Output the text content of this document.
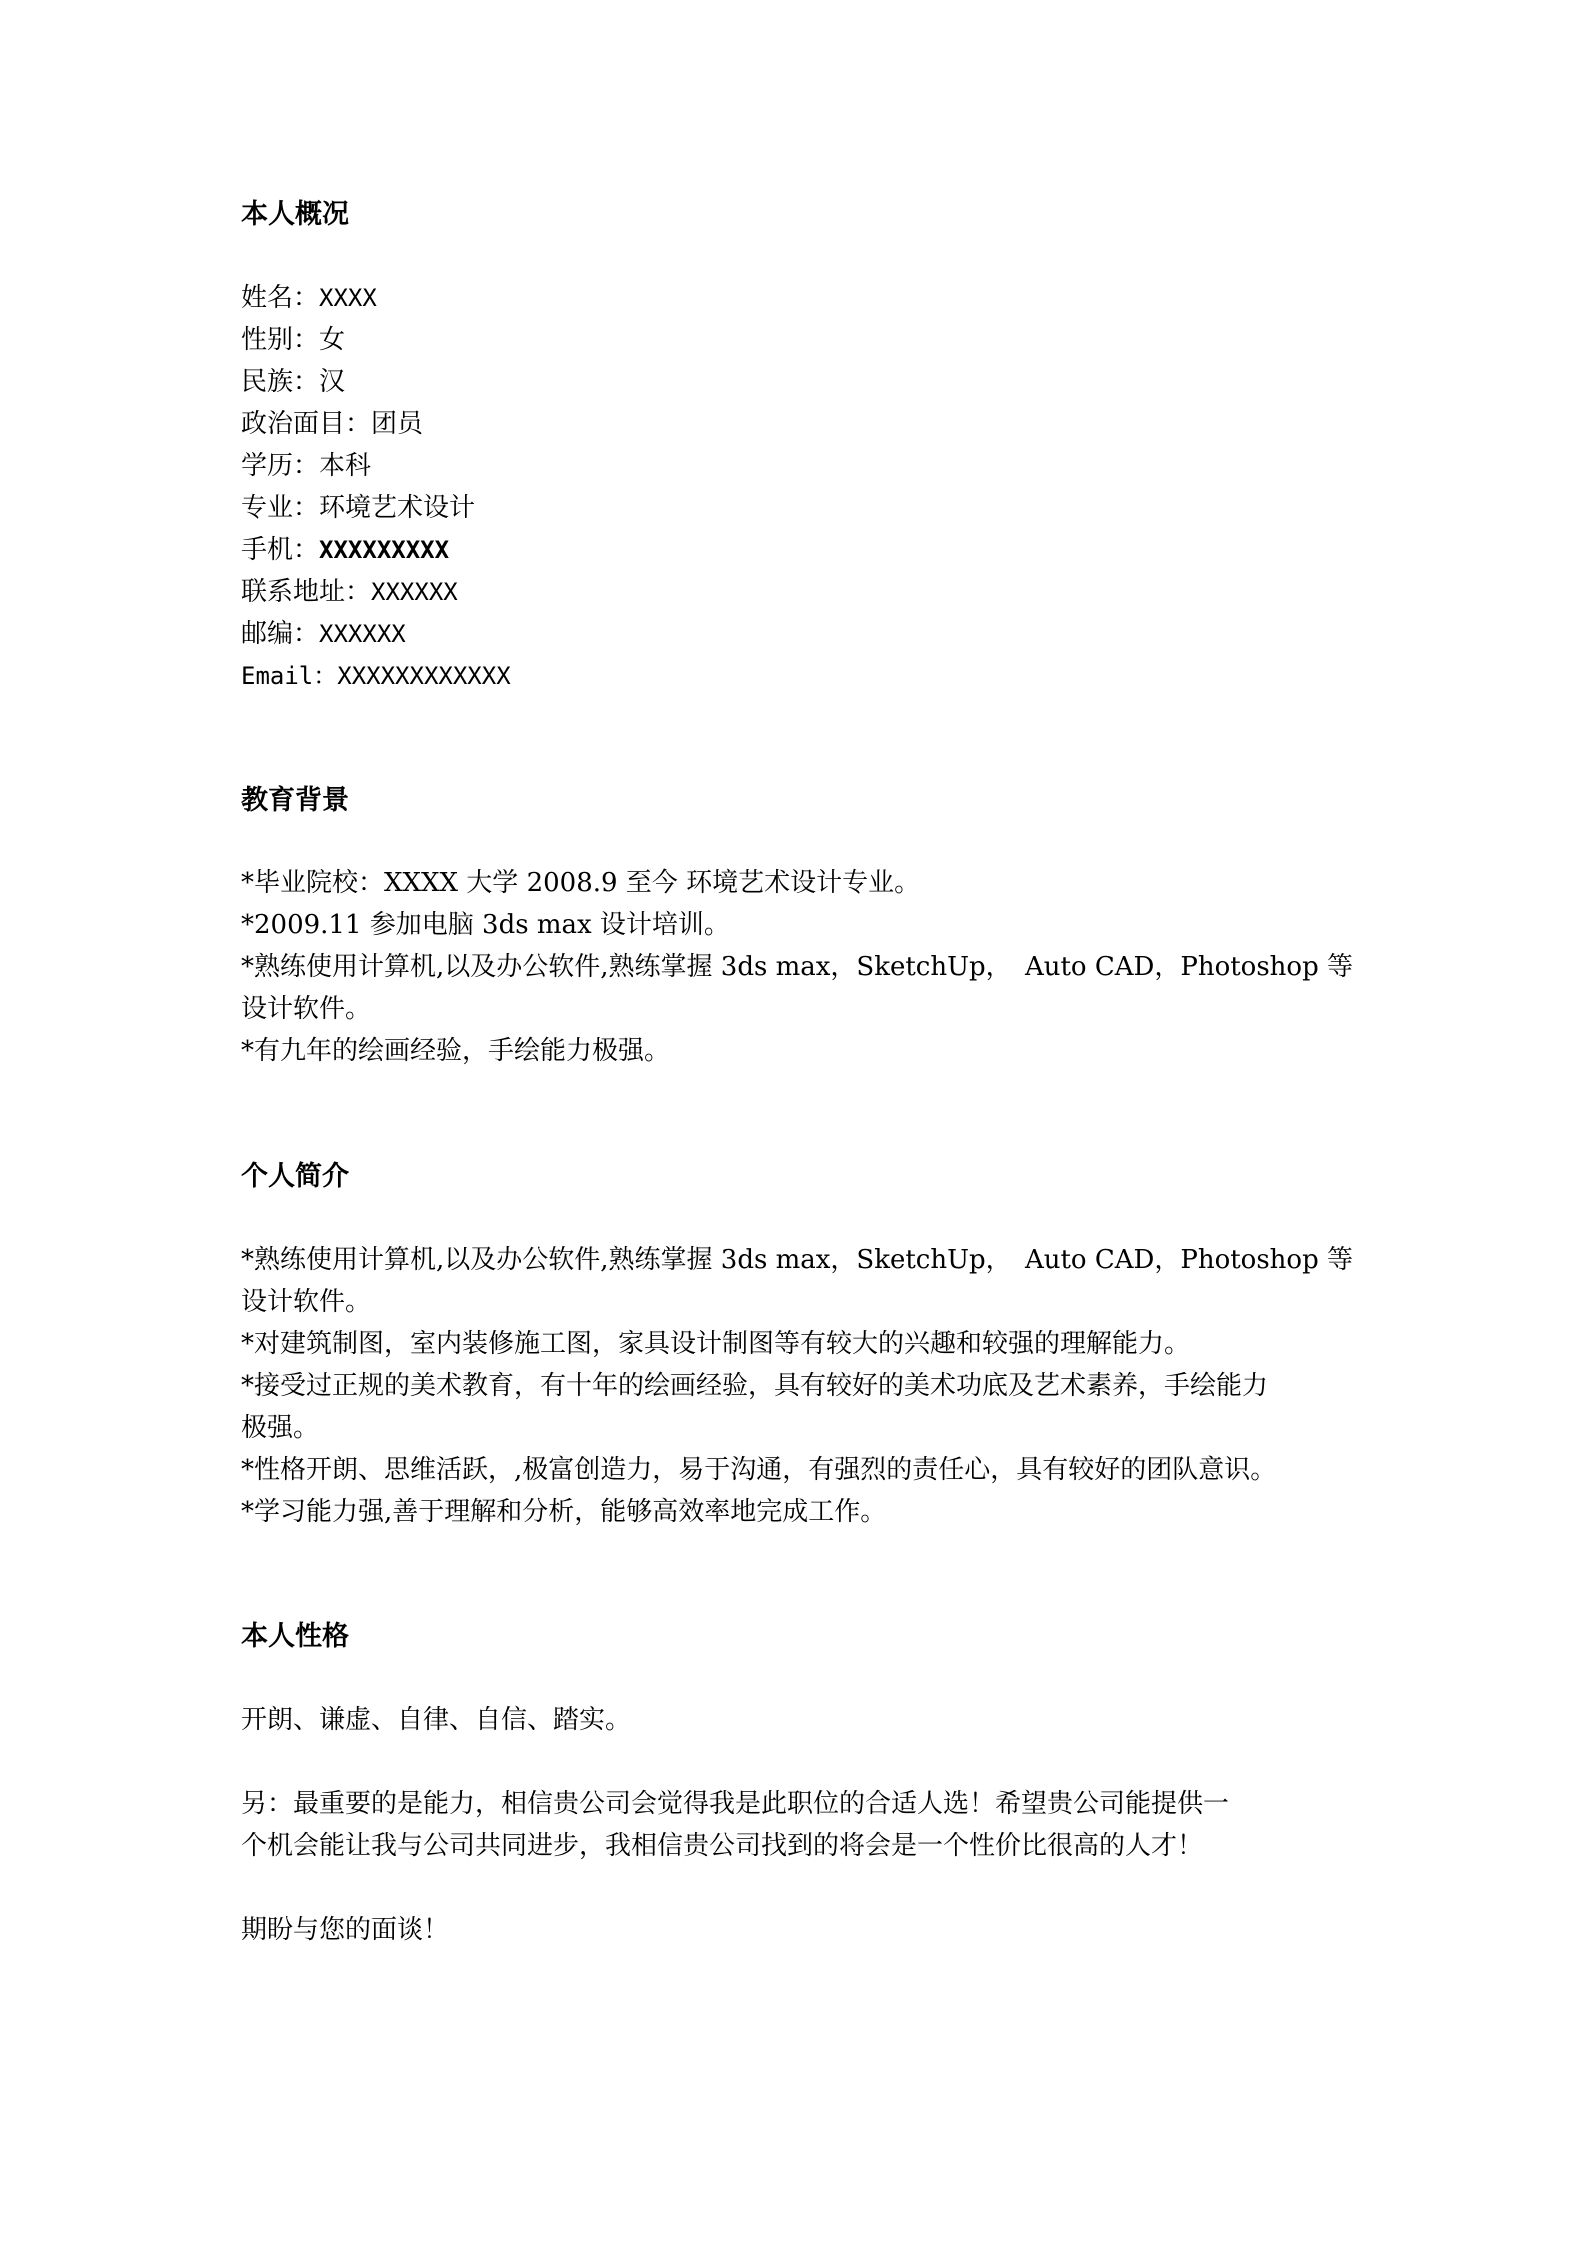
本人概况
姓名：XXXX
性别：女
民族：汉
政治面目：团员
学历：本科
专业：环境艺术设计
手机：XXXXXXXXX
联系地址：XXXXXX
邮编：XXXXXX
Email：XXXXXXXXXXXX
教育背景
*毕业院校：XXXX 大学 2008.9 至今 环境艺术设计专业。
*2009.11 参加电脑 3ds max 设计培训。
*熟练使用计算机,以及办公软件,熟练掌握 3ds max，SketchUp， Auto CAD，Photoshop 等
设计软件。
*有九年的绘画经验，手绘能力极强。
个人简介
*熟练使用计算机,以及办公软件,熟练掌握 3ds max，SketchUp， Auto CAD，Photoshop 等
设计软件。
*对建筑制图，室内装修施工图，家具设计制图等有较大的兴趣和较强的理解能力。
*接受过正规的美术教育，有十年的绘画经验，具有较好的美术功底及艺术素养，手绘能力
极强。
*性格开朗、思维活跃，,极富创造力，易于沟通，有强烈的责任心，具有较好的团队意识。
*学习能力强,善于理解和分析，能够高效率地完成工作。
本人性格
开朗、谦虚、自律、自信、踏实。
另：最重要的是能力，相信贵公司会觉得我是此职位的合适人选！希望贵公司能提供一
个机会能让我与公司共同进步，我相信贵公司找到的将会是一个性价比很高的人才！
期盼与您的面谈！
